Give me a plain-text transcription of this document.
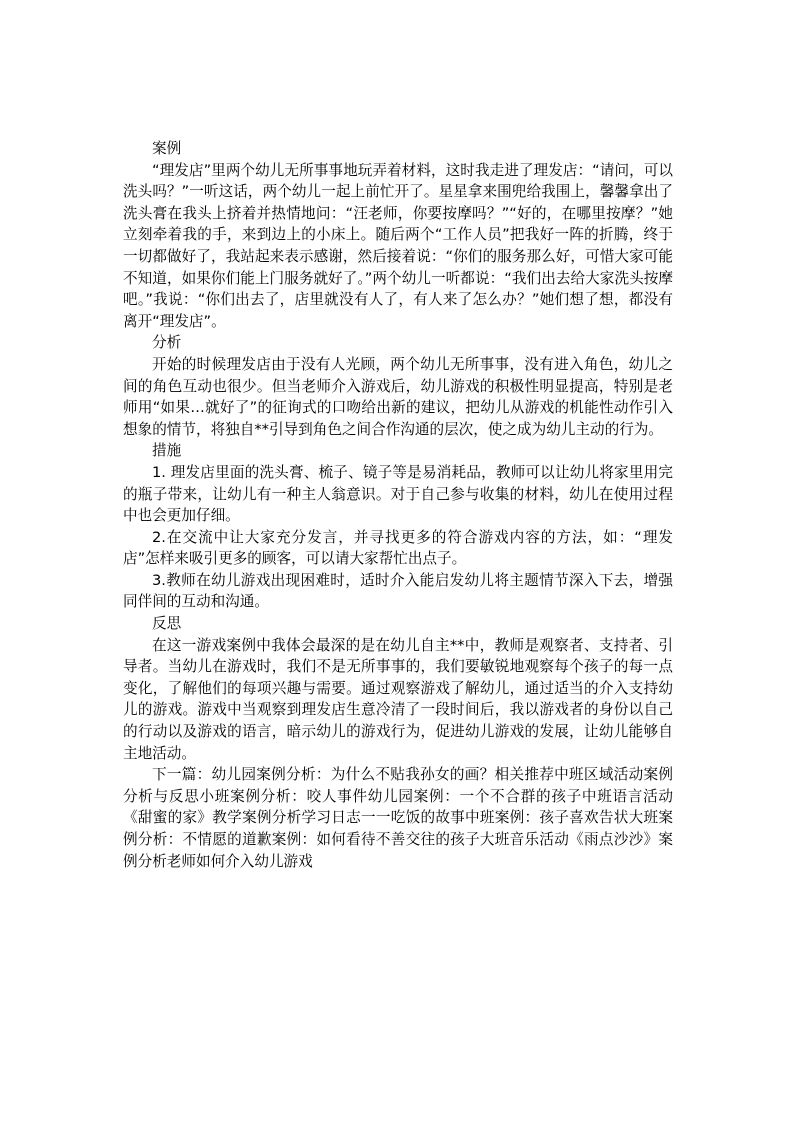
案例

“理发店”里两个幼儿无所事事地玩弄着材料，这时我走进了理发店：“请问，可以洗头吗？”一听这话，两个幼儿一起上前忙开了。星星拿来围兜给我围上，馨馨拿出了洗头膏在我头上挤着并热情地问：“汪老师，你要按摩吗？”“好的，在哪里按摩？”她立刻牵着我的手，来到边上的小床上。随后两个“工作人员”把我好一阵的折腾，终于一切都做好了，我站起来表示感谢，然后接着说：“你们的服务那么好，可惜大家可能不知道，如果你们能上门服务就好了。”两个幼儿一听都说：“我们出去给大家洗头按摩吧。”我说：“你们出去了，店里就没有人了，有人来了怎么办？”她们想了想，都没有离开“理发店”。

分析

开始的时候理发店由于没有人光顾，两个幼儿无所事事，没有进入角色，幼儿之间的角色互动也很少。但当老师介入游戏后，幼儿游戏的积极性明显提高，特别是老师用“如果…就好了”的征询式的口吻给出新的建议，把幼儿从游戏的机能性动作引入想象的情节，将独自**引导到角色之间合作沟通的层次，使之成为幼儿主动的行为。

措施

1. 理发店里面的洗头膏、梳子、镜子等是易消耗品，教师可以让幼儿将家里用完的瓶子带来，让幼儿有一种主人翁意识。对于自己参与收集的材料，幼儿在使用过程中也会更加仔细。

2.在交流中让大家充分发言，并寻找更多的符合游戏内容的方法，如：“理发店”怎样来吸引更多的顾客，可以请大家帮忙出点子。

3.教师在幼儿游戏出现困难时，适时介入能启发幼儿将主题情节深入下去，增强同伴间的互动和沟通。

反思

在这一游戏案例中我体会最深的是在幼儿自主**中，教师是观察者、支持者、引导者。当幼儿在游戏时，我们不是无所事事的，我们要敏锐地观察每个孩子的每一点变化，了解他们的每项兴趣与需要。通过观察游戏了解幼儿，通过适当的介入支持幼儿的游戏。游戏中当观察到理发店生意冷清了一段时间后，我以游戏者的身份以自己的行动以及游戏的语言，暗示幼儿的游戏行为，促进幼儿游戏的发展，让幼儿能够自主地活动。

下一篇：幼儿园案例分析：为什么不贴我孙女的画？相关推荐中班区域活动案例分析与反思小班案例分析：咬人事件幼儿园案例：一个不合群的孩子中班语言活动《甜蜜的家》教学案例分析学习日志一一吃饭的故事中班案例：孩子喜欢告状大班案例分析：不情愿的道歉案例：如何看待不善交往的孩子大班音乐活动《雨点沙沙》案例分析老师如何介入幼儿游戏
